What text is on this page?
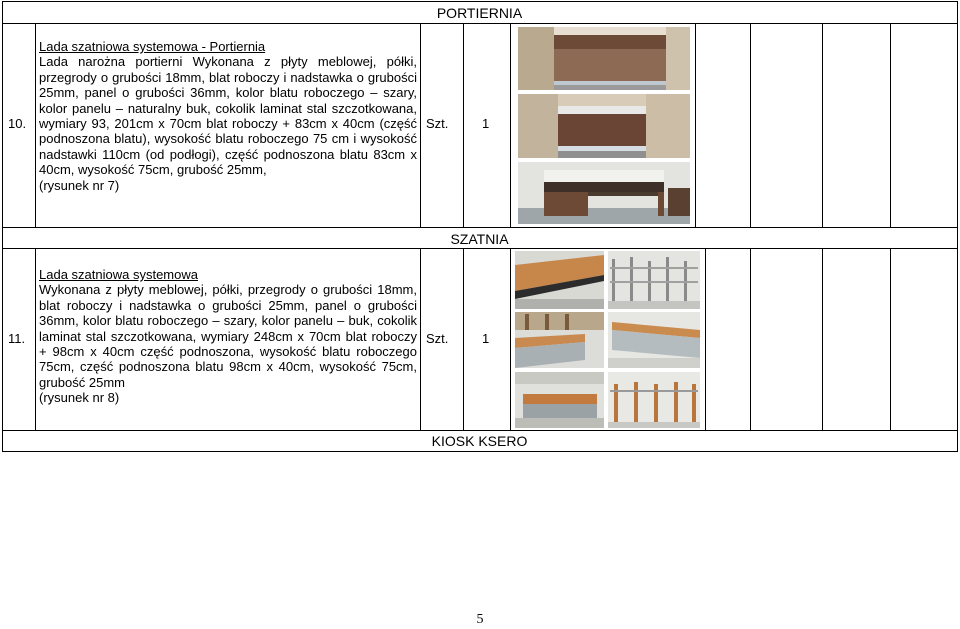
PORTIERNIA
SZATNIA
KIOSK KSERO
10.
Lada szatniowa systemowa - Portiernia
Lada narożna portierni Wykonana z płyty meblowej, półki, przegrody o grubości 18mm, blat roboczy i nadstawka o grubości 25mm, panel o grubości 36mm, kolor blatu roboczego – szary, kolor panelu – naturalny buk, cokolik laminat stal szczotkowana, wymiary 93, 201cm x 70cm blat roboczy + 83cm x 40cm (część podnoszona blatu), wysokość blatu roboczego 75 cm i wysokość nadstawki 110cm (od podłogi), część podnoszona blatu 83cm x 40cm, wysokość 75cm, grubość 25mm,
(rysunek nr 7)
Szt.	1
11.
Lada szatniowa systemowa
Wykonana z płyty meblowej, półki, przegrody o grubości 18mm, blat roboczy i nadstawka o grubości 25mm, panel o grubości 36mm, kolor blatu roboczego – szary, kolor panelu – buk, cokolik laminat stal szczotkowana, wymiary 248cm x 70cm blat roboczy + 98cm x 40cm część podnoszona, wysokość blatu roboczego 75cm, część podnoszona blatu 98cm x 40cm, wysokość 75cm, grubość 25mm
(rysunek nr 8)
Szt.	1
5
